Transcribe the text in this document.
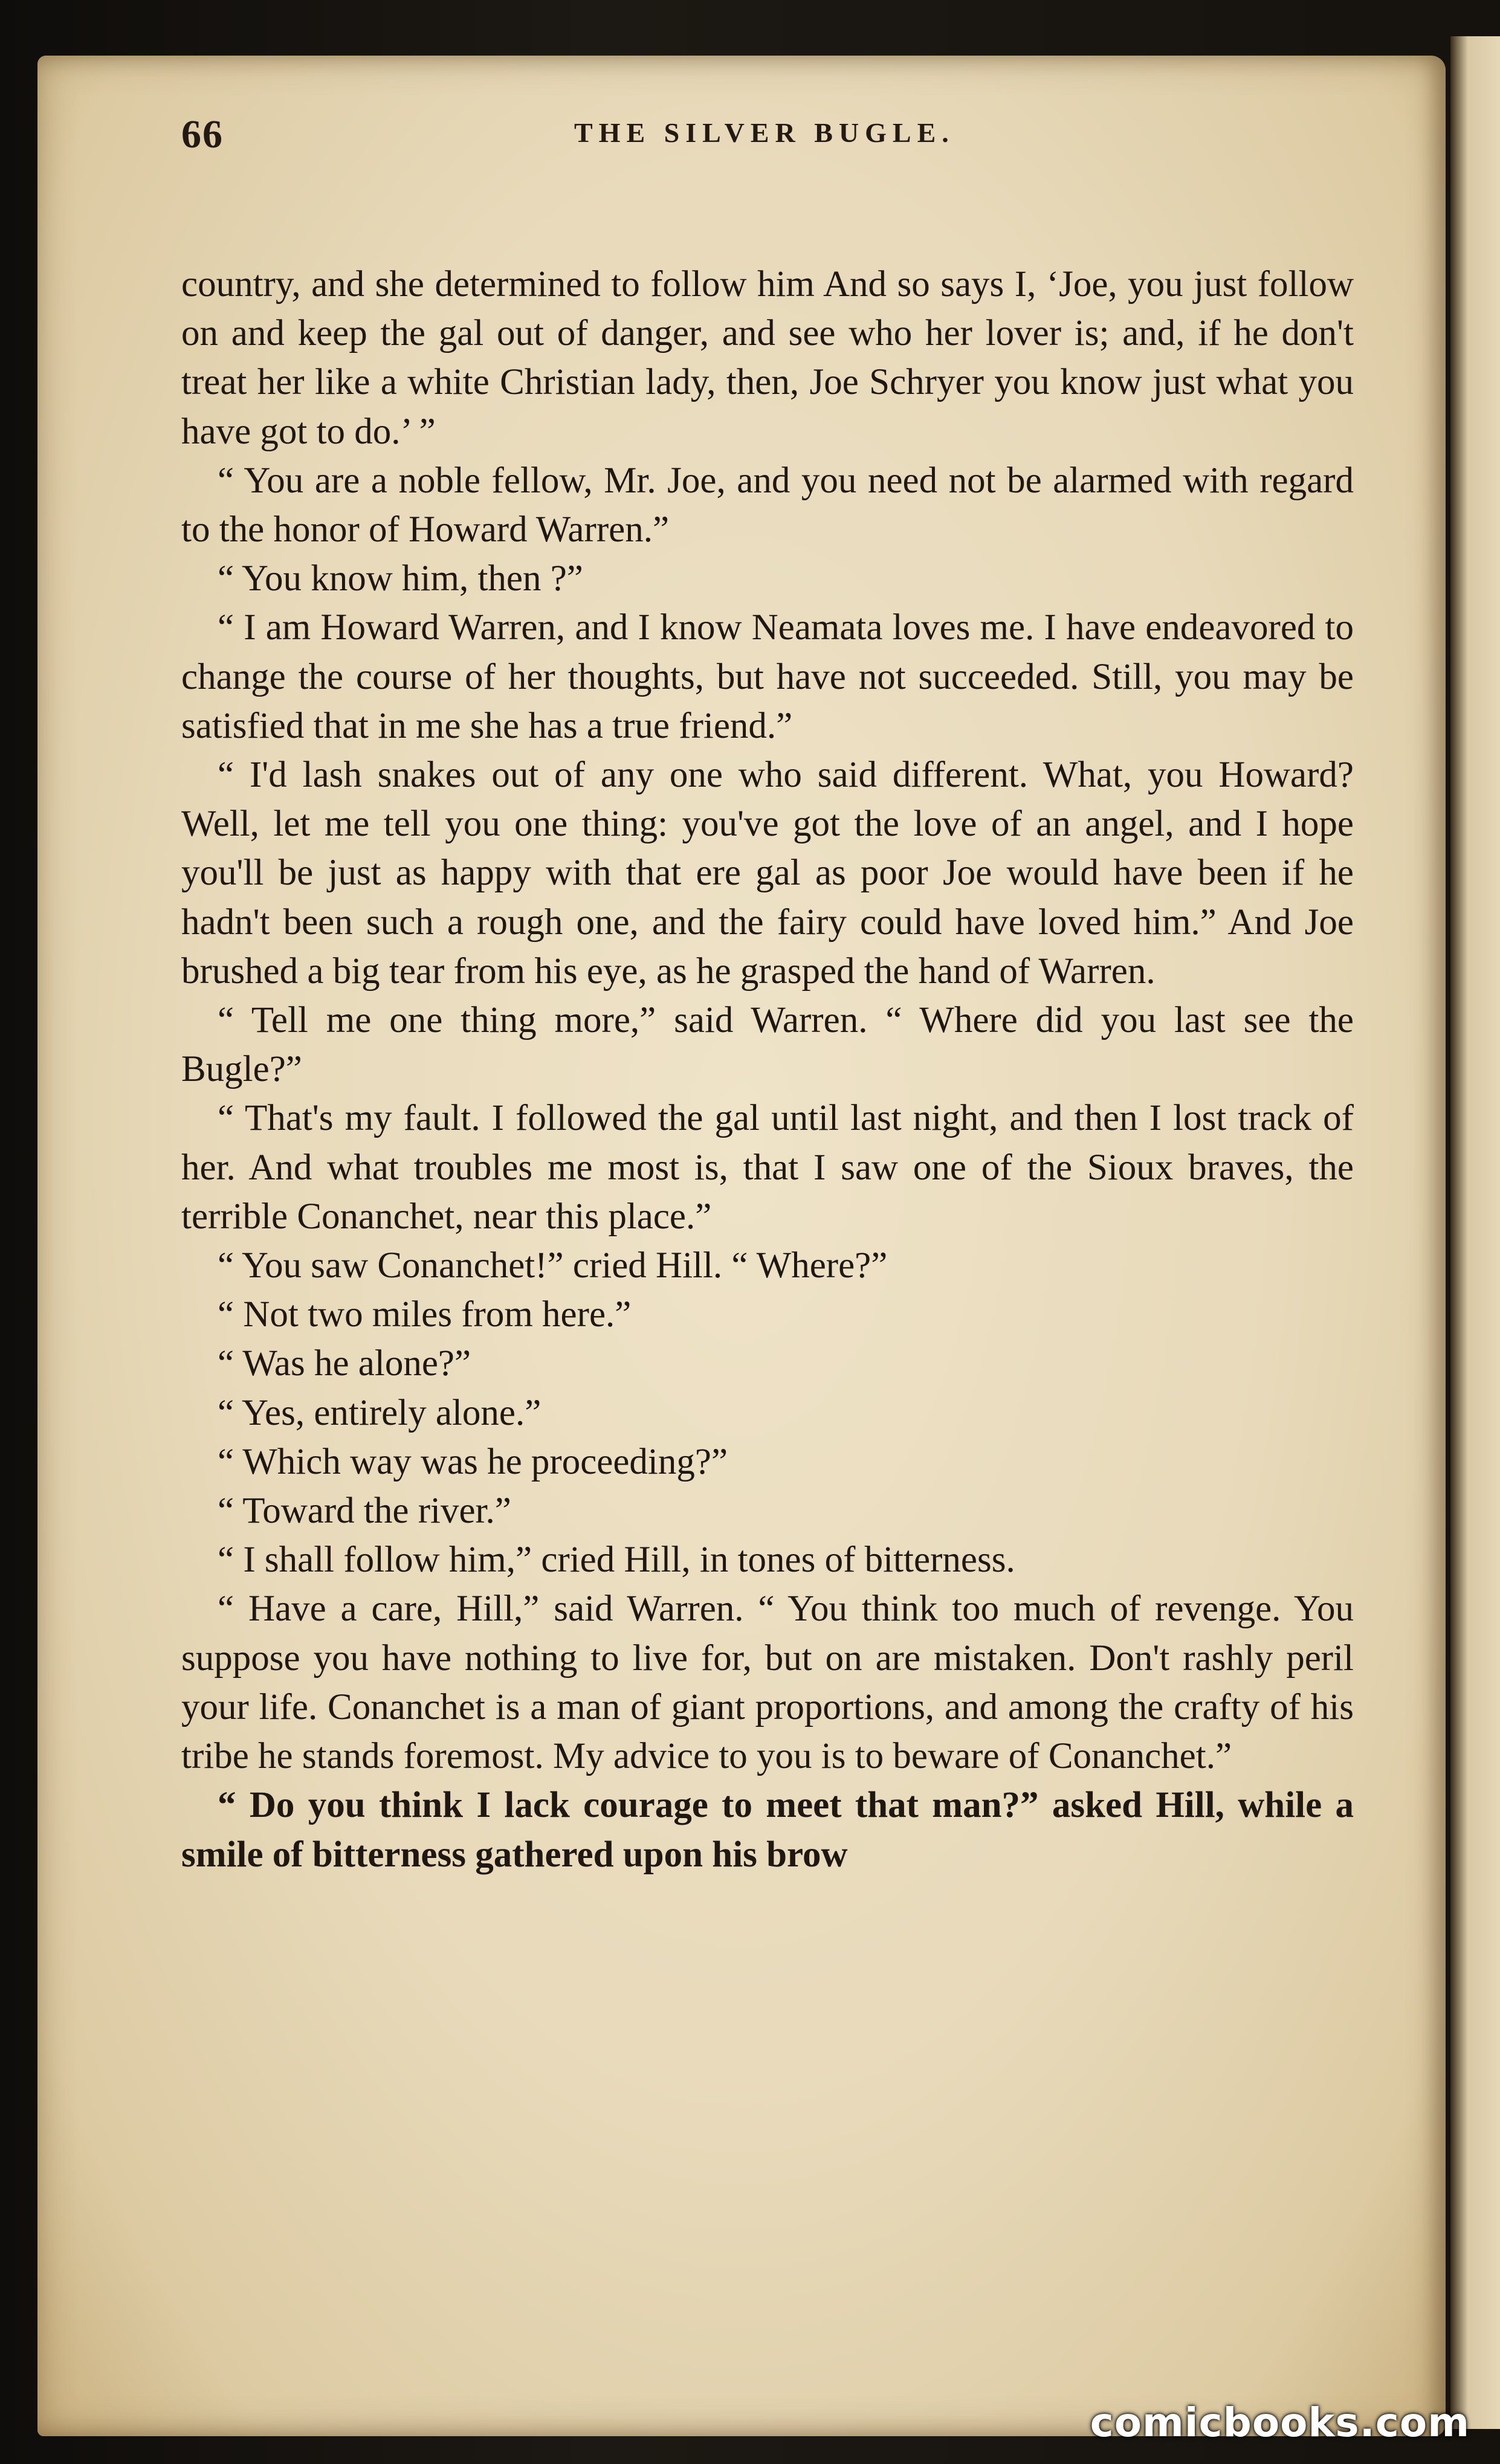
66	THE SILVER BUGLE.

country, and she determined to follow him And so says I, ‘Joe, you just follow on and keep the gal out of danger, and see who her lover is; and, if he don't treat her like a white Christian lady, then, Joe Schryer you know just what you have got to do.’ ”

“ You are a noble fellow, Mr. Joe, and you need not be alarmed with regard to the honor of Howard Warren.”

“ You know him, then ?”

“ I am Howard Warren, and I know Neamata loves me. I have endeavored to change the course of her thoughts, but have not succeeded. Still, you may be satisfied that in me she has a true friend.”

“ I'd lash snakes out of any one who said different. What, you Howard? Well, let me tell you one thing: you've got the love of an angel, and I hope you'll be just as happy with that ere gal as poor Joe would have been if he hadn't been such a rough one, and the fairy could have loved him.” And Joe brushed a big tear from his eye, as he grasped the hand of Warren.

“ Tell me one thing more,” said Warren. “ Where did you last see the Bugle?”

“ That's my fault. I followed the gal until last night, and then I lost track of her. And what troubles me most is, that I saw one of the Sioux braves, the terrible Conanchet, near this place.”

“ You saw Conanchet!” cried Hill. “ Where?”

“ Not two miles from here.”

“ Was he alone?”

“ Yes, entirely alone.”

“ Which way was he proceeding?”

“ Toward the river.”

“ I shall follow him,” cried Hill, in tones of bitterness.

“ Have a care, Hill,” said Warren. “ You think too much of revenge. You suppose you have nothing to live for, but on are mistaken. Don't rashly peril your life. Conanchet is a man of giant proportions, and among the crafty of his tribe he stands foremost. My advice to you is to beware of Conanchet.”

“ Do you think I lack courage to meet that man?” asked Hill, while a smile of bitterness gathered upon his brow

comicbooks.com
